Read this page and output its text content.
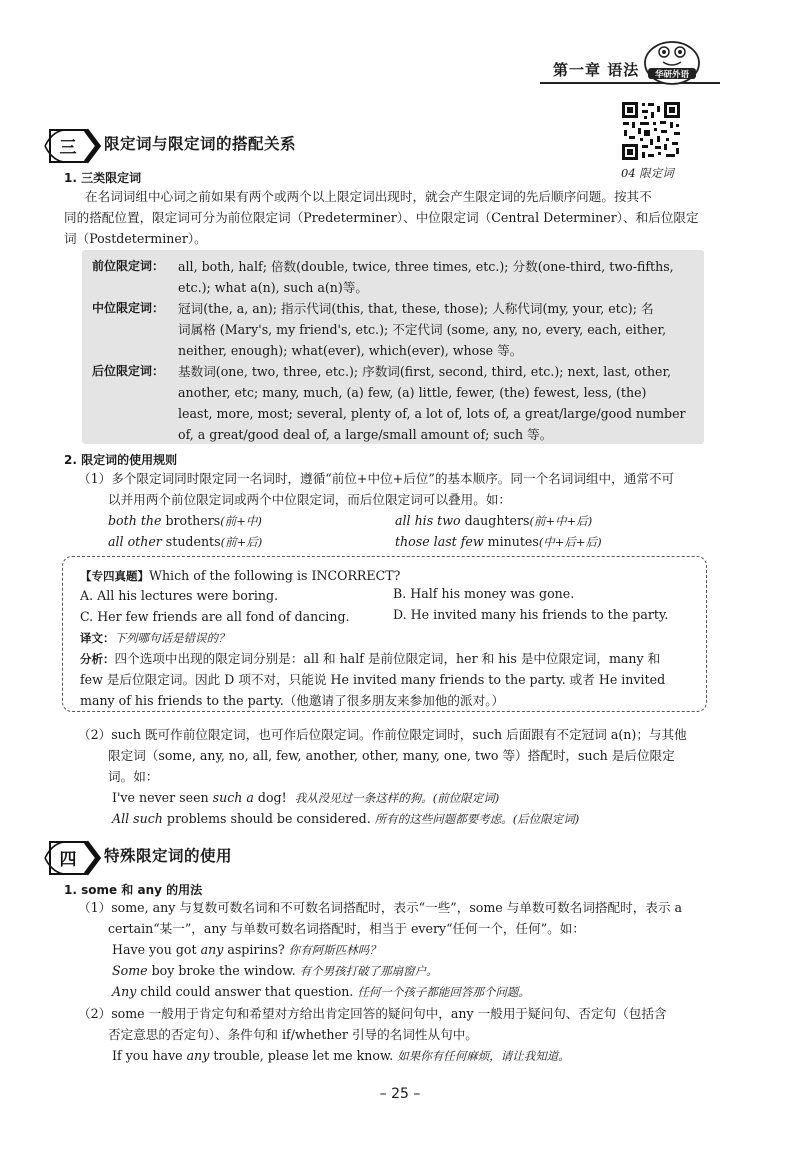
第一章 语法 华研外语
04 限定词
三 限定词与限定词的搭配关系
1. 三类限定词
在名词词组中心词之前如果有两个或两个以上限定词出现时，就会产生限定词的先后顺序问题。按其不
同的搭配位置，限定词可分为前位限定词（Predeterminer）、中位限定词（Central Determiner）、和后位限定
词（Postdeterminer）。
前位限定词： all, both, half; 倍数(double, twice, three times, etc.); 分数(one-third, two-fifths,
etc.); what a(n), such a(n)等。
中位限定词： 冠词(the, a, an); 指示代词(this, that, these, those); 人称代词(my, your, etc); 名
词属格 (Mary's, my friend's, etc.); 不定代词 (some, any, no, every, each, either,
neither, enough); what(ever), which(ever), whose 等。
后位限定词： 基数词(one, two, three, etc.); 序数词(first, second, third, etc.); next, last, other,
another, etc; many, much, (a) few, (a) little, fewer, (the) fewest, less, (the)
least, more, most; several, plenty of, a lot of, lots of, a great/large/good number
of, a great/good deal of, a large/small amount of; such 等。
2. 限定词的使用规则
（1）多个限定词同时限定同一名词时，遵循“前位+中位+后位”的基本顺序。同一个名词词组中，通常不可
以并用两个前位限定词或两个中位限定词，而后位限定词可以叠用。如：
both the brothers(前+中)	all his two daughters(前+中+后)
all other students(前+后)	those last few minutes(中+后+后)
【专四真题】Which of the following is INCORRECT?
A. All his lectures were boring.	B. Half his money was gone.
C. Her few friends are all fond of dancing.	D. He invited many his friends to the party.
译文：下列哪句话是错误的？
分析：四个选项中出现的限定词分别是：all 和 half 是前位限定词，her 和 his 是中位限定词，many 和
few 是后位限定词。因此 D 项不对，只能说 He invited many friends to the party. 或者 He invited
many of his friends to the party.（他邀请了很多朋友来参加他的派对。）
（2）such 既可作前位限定词，也可作后位限定词。作前位限定词时，such 后面跟有不定冠词 a(n)；与其他
限定词（some, any, no, all, few, another, other, many, one, two 等）搭配时，such 是后位限定
词。如：
I've never seen such a dog! 我从没见过一条这样的狗。(前位限定词)
All such problems should be considered. 所有的这些问题都要考虑。(后位限定词)
四 特殊限定词的使用
1. some 和 any 的用法
（1）some, any 与复数可数名词和不可数名词搭配时，表示“一些”，some 与单数可数名词搭配时，表示 a
certain“某一”，any 与单数可数名词搭配时，相当于 every“任何一个，任何”。如：
Have you got any aspirins? 你有阿斯匹林吗？
Some boy broke the window. 有个男孩打破了那扇窗户。
Any child could answer that question. 任何一个孩子都能回答那个问题。
（2）some 一般用于肯定句和希望对方给出肯定回答的疑问句中，any 一般用于疑问句、否定句（包括含
否定意思的否定句）、条件句和 if/whether 引导的名词性从句中。
If you have any trouble, please let me know. 如果你有任何麻烦，请让我知道。
– 25 –
